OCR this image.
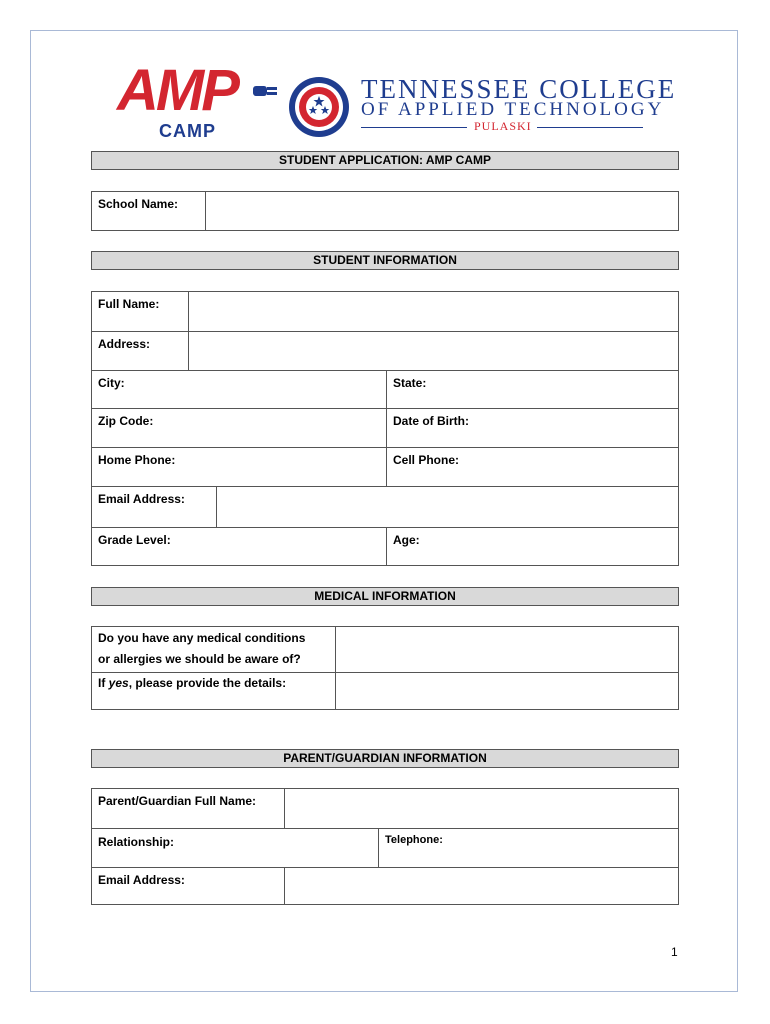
AMP
CAMP
TENNESSEE COLLEGE
OF APPLIED TECHNOLOGY
PULASKI
STUDENT APPLICATION: AMP CAMP
School Name:
STUDENT INFORMATION
Full Name:
Address:
City:	State:
Zip Code:	Date of Birth:
Home Phone:	Cell Phone:
Email Address:
Grade Level:	Age:
MEDICAL INFORMATION
Do you have any medical conditions
or allergies we should be aware of?
If yes, please provide the details:
PARENT/GUARDIAN INFORMATION
Parent/Guardian Full Name:
Relationship:	Telephone:
Email Address:
1
